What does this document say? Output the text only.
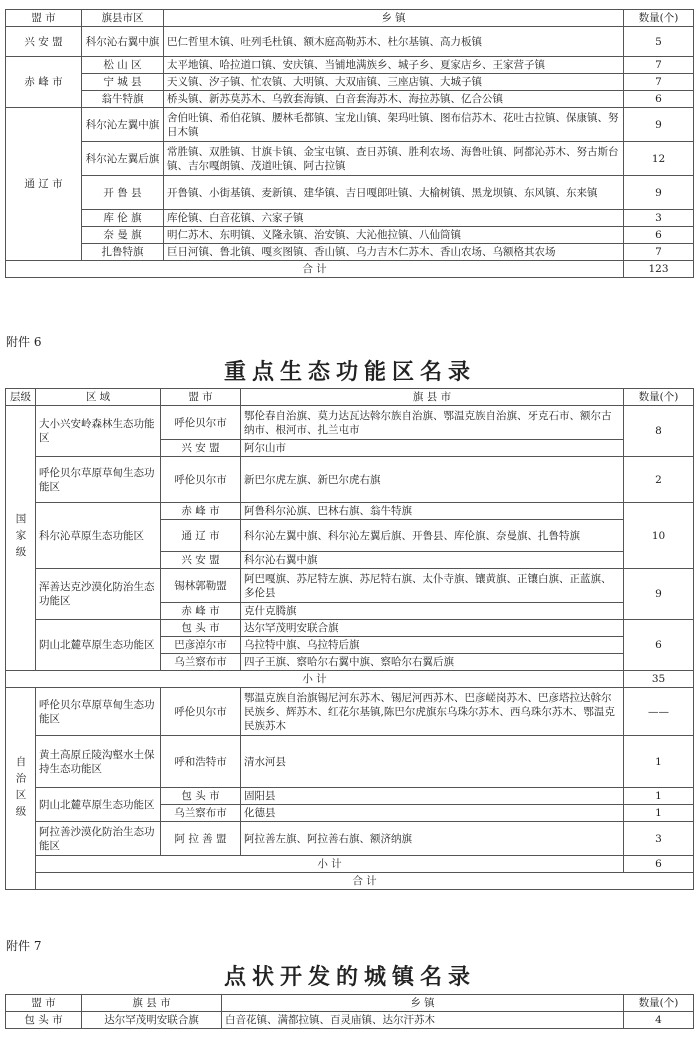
盟 市	旗县市区	乡 镇	数量(个)
兴 安 盟	科尔沁右翼中旗	巴仁哲里木镇、吐列毛杜镇、额木庭高勒苏木、杜尔基镇、高力板镇	5
赤 峰 市	松 山 区	太平地镇、哈拉道口镇、安庆镇、当铺地满族乡、城子乡、夏家店乡、王家营子镇	7
	宁 城 县	天义镇、汐子镇、忙农镇、大明镇、大双庙镇、三座店镇、大城子镇	7
	翁牛特旗	桥头镇、新苏莫苏木、乌敦套海镇、白音套海苏木、海拉苏镇、亿合公镇	6
通 辽 市	科尔沁左翼中旗	舍伯吐镇、希伯花镇、腰林毛都镇、宝龙山镇、架玛吐镇、图布信苏木、花吐古拉镇、保康镇、努日木镇	9
	科尔沁左翼后旗	常胜镇、双胜镇、甘旗卡镇、金宝屯镇、查日苏镇、胜利农场、海鲁吐镇、阿都沁苏木、努古斯台镇、吉尔嘎朗镇、茂道吐镇、阿古拉镇	12
	开 鲁 县	开鲁镇、小街基镇、麦新镇、建华镇、吉日嘎郎吐镇、大榆树镇、黑龙坝镇、东风镇、东来镇	9
	库 伦 旗	库伦镇、白音花镇、六家子镇	3
	奈 曼 旗	明仁苏木、东明镇、义隆永镇、治安镇、大沁他拉镇、八仙筒镇	6
	扎鲁特旗	巨日河镇、鲁北镇、嘎亥图镇、香山镇、乌力吉木仁苏木、香山农场、乌额格其农场	7
合 计			123
附件 6
重点生态功能区名录
层级	区 域	盟 市	旗 县 市	数量(个)	
国家级	大小兴安岭森林生态功能区	呼伦贝尔市	鄂伦春自治旗、莫力达瓦达斡尔族自治旗、鄂温克族自治旗、牙克石市、额尔古纳市、根河市、扎兰屯市	8	
		兴 安 盟	阿尔山市		
	呼伦贝尔草原草甸生态功能区	呼伦贝尔市	新巴尔虎左旗、新巴尔虎右旗	2	
	科尔沁草原生态功能区	赤 峰 市	阿鲁科尔沁旗、巴林右旗、翁牛特旗	10	
		通 辽 市	科尔沁左翼中旗、科尔沁左翼后旗、开鲁县、库伦旗、奈曼旗、扎鲁特旗		
		兴 安 盟	科尔沁右翼中旗		
	浑善达克沙漠化防治生态功能区	锡林郭勒盟	阿巴嘎旗、苏尼特左旗、苏尼特右旗、太仆寺旗、镶黄旗、正镶白旗、正蓝旗、多伦县	9	
		赤 峰 市	克什克腾旗		
	阴山北麓草原生态功能区	包 头 市	达尔罕茂明安联合旗	6	
		巴彦淖尔市	乌拉特中旗、乌拉特后旗		
		乌兰察布市	四子王旗、察哈尔右翼中旗、察哈尔右翼后旗		
小 计				35	
自治区级	呼伦贝尔草原草甸生态功能区	呼伦贝尔市	鄂温克族自治旗锡尼河东苏木、锡尼河西苏木、巴彦嵯岗苏木、巴彦塔拉达斡尔民族乡、辉苏木、红花尔基镇,陈巴尔虎旗东乌珠尔苏木、西乌珠尔苏木、鄂温克民族苏木	——	
	黄土高原丘陵沟壑水土保持生态功能区	呼和浩特市	清水河县	1	
	阴山北麓草原生态功能区	包 头 市	固阳县	1	
		乌兰察布市	化德县	1	
	阿拉善沙漠化防治生态功能区	阿 拉 善 盟	阿拉善左旗、阿拉善右旗、额济纳旗	3	
	小 计			6	
	合 计	
附件 7
点状开发的城镇名录
盟 市	旗 县 市	乡 镇	数量(个)
包 头 市	达尔罕茂明安联合旗	白音花镇、满都拉镇、百灵庙镇、达尔汗苏木	4
